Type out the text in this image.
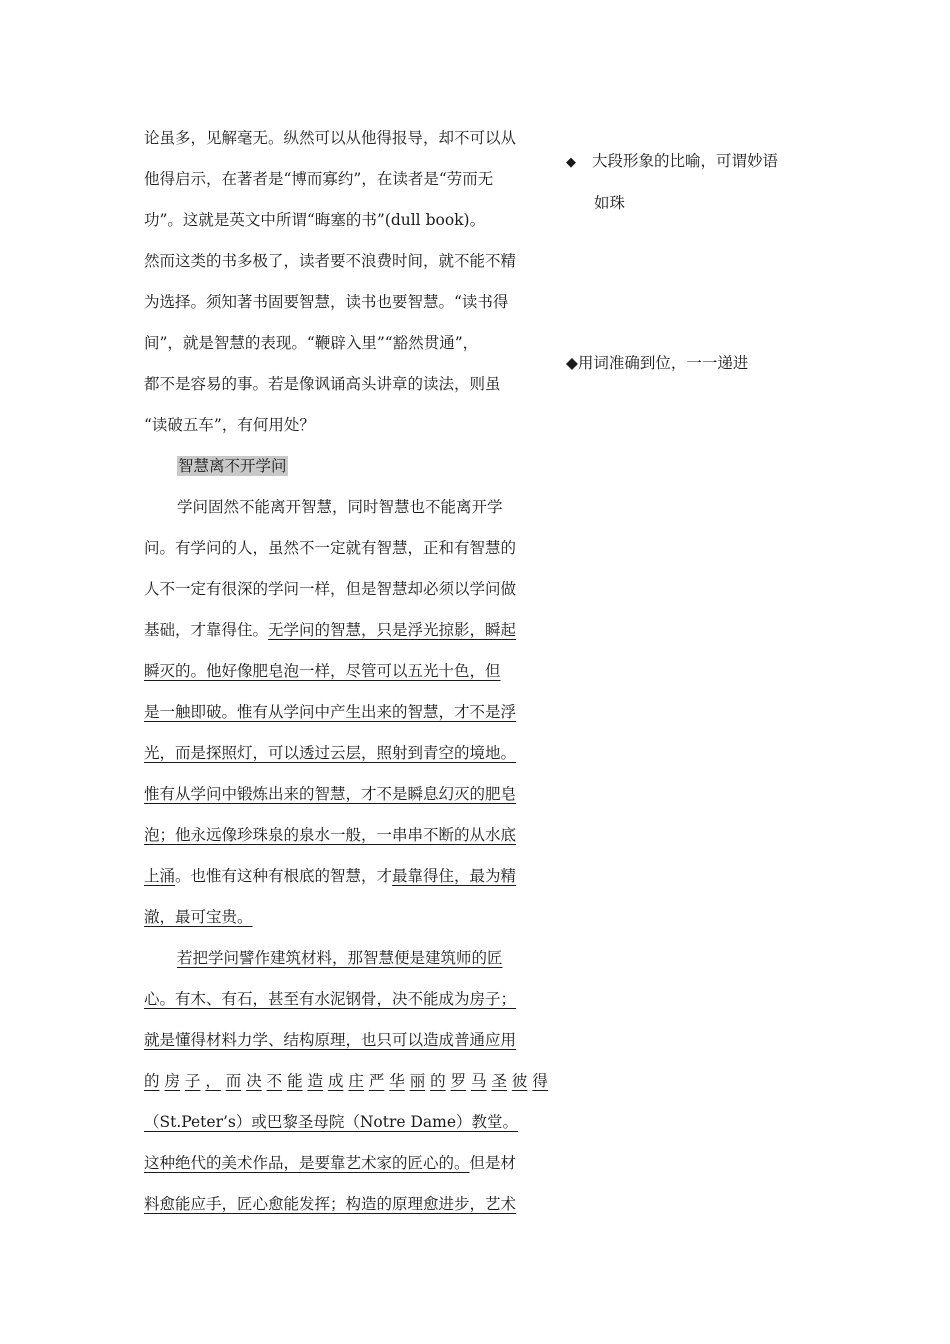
论虽多，见解毫无。纵然可以从他得报导，却不可以从
他得启示，在著者是“博而寡约”，在读者是“劳而无
功”。这就是英文中所谓“晦塞的书”(dull book)。
然而这类的书多极了，读者要不浪费时间，就不能不精
为选择。须知著书固要智慧，读书也要智慧。“读书得
间”，就是智慧的表现。“鞭辟入里”“豁然贯通”，
都不是容易的事。若是像讽诵高头讲章的读法，则虽
“读破五车”，有何用处？
智慧离不开学问
学问固然不能离开智慧，同时智慧也不能离开学
问。有学问的人，虽然不一定就有智慧，正和有智慧的
人不一定有很深的学问一样，但是智慧却必须以学问做
基础，才靠得住。无学问的智慧，只是浮光掠影，瞬起
瞬灭的。他好像肥皂泡一样，尽管可以五光十色，但
是一触即破。惟有从学问中产生出来的智慧，才不是浮
光，而是探照灯，可以透过云层，照射到青空的境地。
惟有从学问中锻炼出来的智慧，才不是瞬息幻灭的肥皂
泡；他永远像珍珠泉的泉水一般，一串串不断的从水底
上涌。也惟有这种有根底的智慧，才最靠得住，最为精
澈，最可宝贵。
若把学问譬作建筑材料，那智慧便是建筑师的匠
心。有木、有石，甚至有水泥钢骨，决不能成为房子；
就是懂得材料力学、结构原理，也只可以造成普通应用
的 房 子 ， 而 决 不 能 造 成 庄 严 华 丽 的 罗 马 圣 彼 得
（St.Peter’s）或巴黎圣母院（Notre Dame）教堂。
这种绝代的美术作品，是要靠艺术家的匠心的。但是材
料愈能应手，匠心愈能发挥；构造的原理愈进步，艺术
◆ 大段形象的比喻，可谓妙语
如珠
◆用词准确到位，一一递进
